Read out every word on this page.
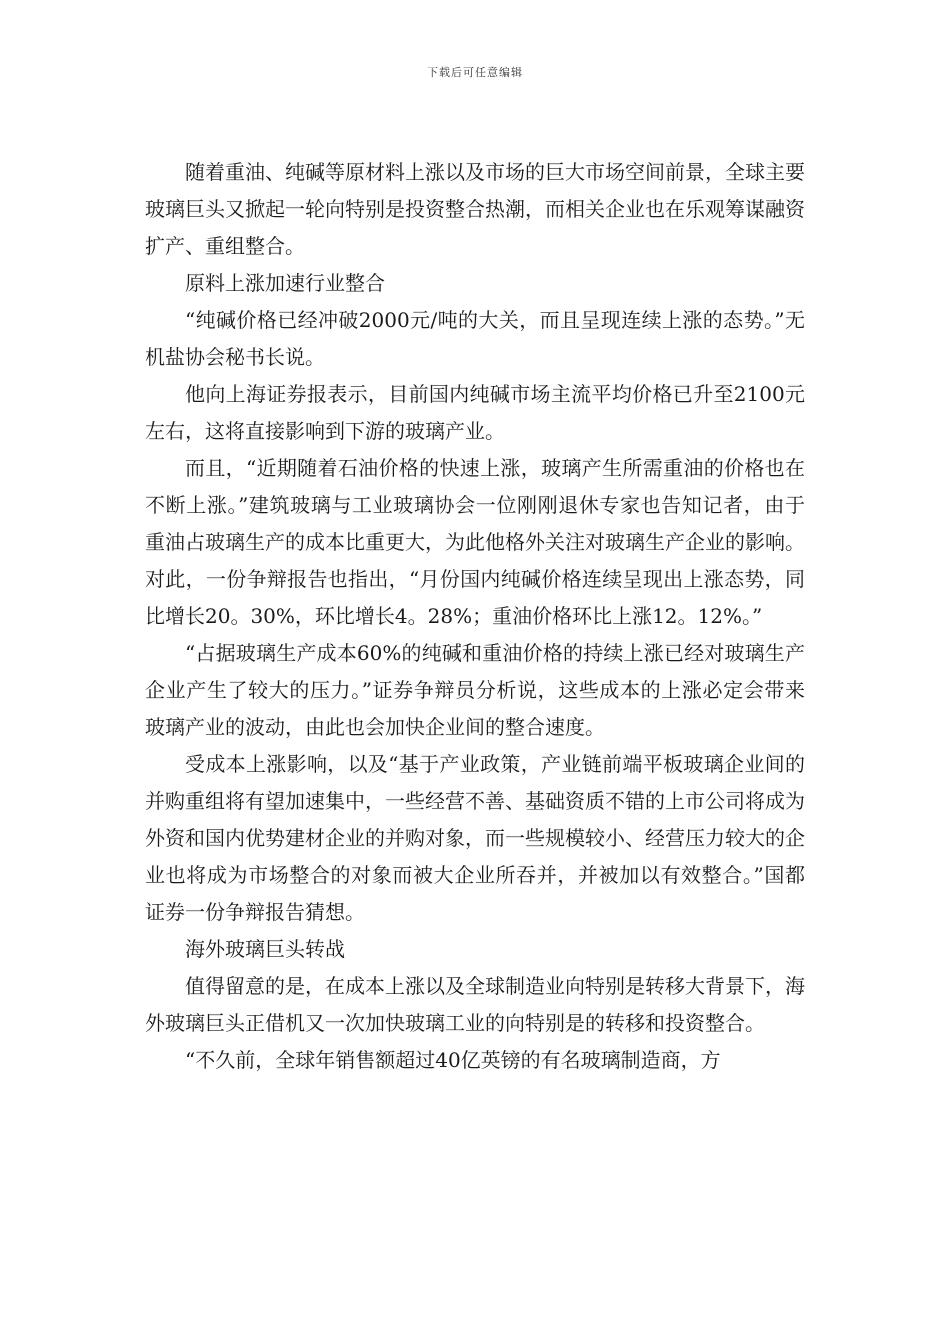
下载后可任意编辑

随着重油、纯碱等原材料上涨以及市场的巨大市场空间前景，全球主要玻璃巨头又掀起一轮向特别是投资整合热潮，而相关企业也在乐观筹谋融资扩产、重组整合。

原料上涨加速行业整合

“纯碱价格已经冲破2000元/吨的大关，而且呈现连续上涨的态势。”无机盐协会秘书长说。

他向上海证券报表示，目前国内纯碱市场主流平均价格已升至2100元左右，这将直接影响到下游的玻璃产业。

而且，“近期随着石油价格的快速上涨，玻璃产生所需重油的价格也在不断上涨。”建筑玻璃与工业玻璃协会一位刚刚退休专家也告知记者，由于重油占玻璃生产的成本比重更大，为此他格外关注对玻璃生产企业的影响。对此，一份争辩报告也指出，“月份国内纯碱价格连续呈现出上涨态势，同比增长20。30%，环比增长4。28%；重油价格环比上涨12。12%。”

“占据玻璃生产成本60%的纯碱和重油价格的持续上涨已经对玻璃生产企业产生了较大的压力。”证券争辩员分析说，这些成本的上涨必定会带来玻璃产业的波动，由此也会加快企业间的整合速度。

受成本上涨影响，以及“基于产业政策，产业链前端平板玻璃企业间的并购重组将有望加速集中，一些经营不善、基础资质不错的上市公司将成为外资和国内优势建材企业的并购对象，而一些规模较小、经营压力较大的企业也将成为市场整合的对象而被大企业所吞并，并被加以有效整合。”国都证券一份争辩报告猜想。

海外玻璃巨头转战

值得留意的是，在成本上涨以及全球制造业向特别是转移大背景下，海外玻璃巨头正借机又一次加快玻璃工业的向特别是的转移和投资整合。

“不久前，全球年销售额超过40亿英镑的有名玻璃制造商，方
